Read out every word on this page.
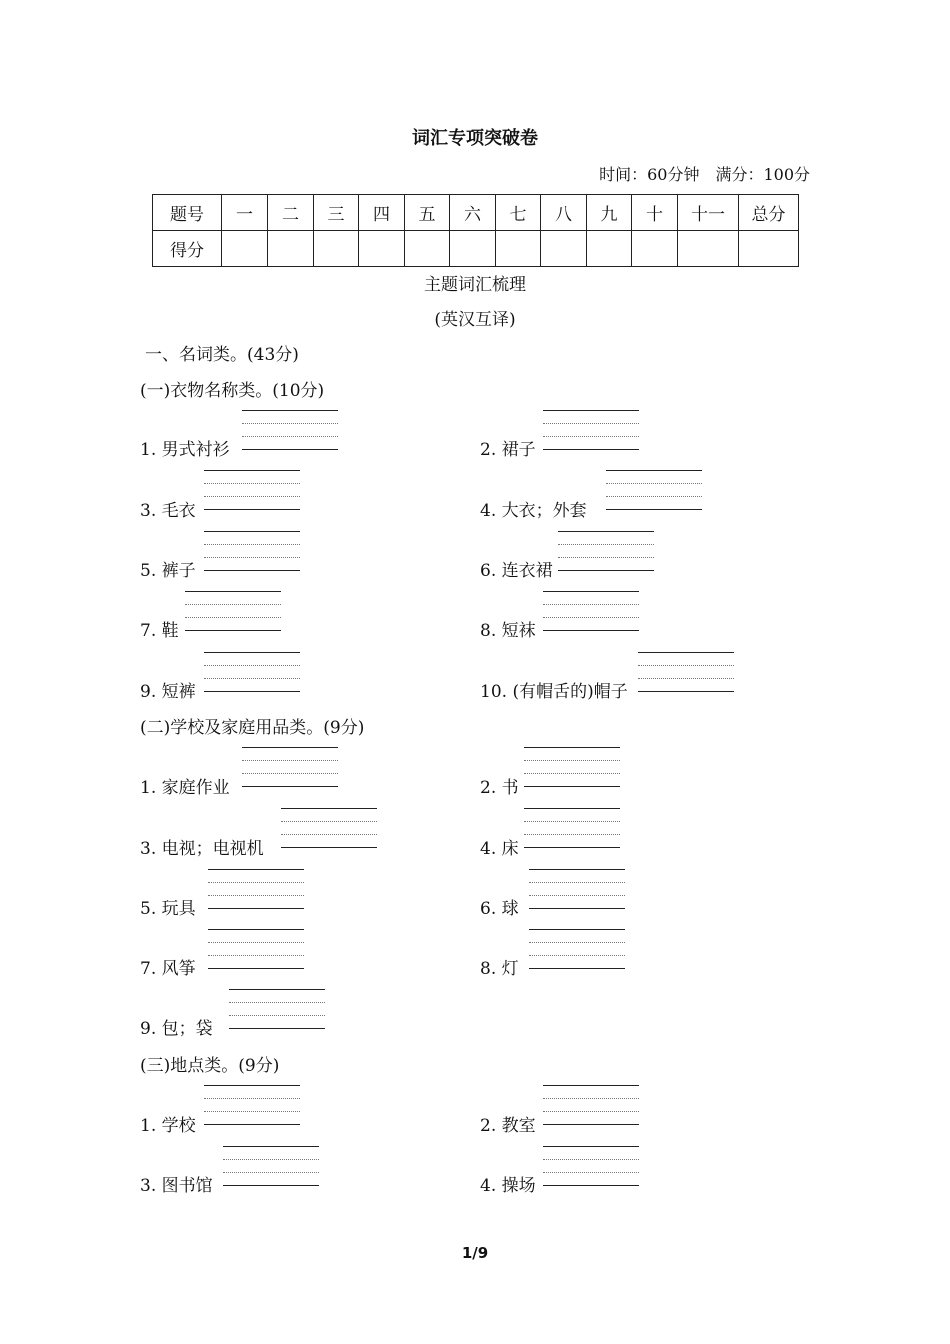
词汇专项突破卷
时间：60分钟　满分：100分
题号	一	二	三	四	五	六	七	八	九	十	十一	总分
得分												
主题词汇梳理
(英汉互译)
一、名词类。(43分)
(一)衣物名称类。(10分)
1. 男式衬衫	2. 裙子
3. 毛衣	4. 大衣；外套
5. 裤子	6. 连衣裙
7. 鞋	8. 短袜
9. 短裤	10. (有帽舌的)帽子
(二)学校及家庭用品类。(9分)
1. 家庭作业	2. 书
3. 电视；电视机	4. 床
5. 玩具	6. 球
7. 风筝	8. 灯
9. 包；袋
(三)地点类。(9分)
1. 学校	2. 教室
3. 图书馆	4. 操场
1/9
